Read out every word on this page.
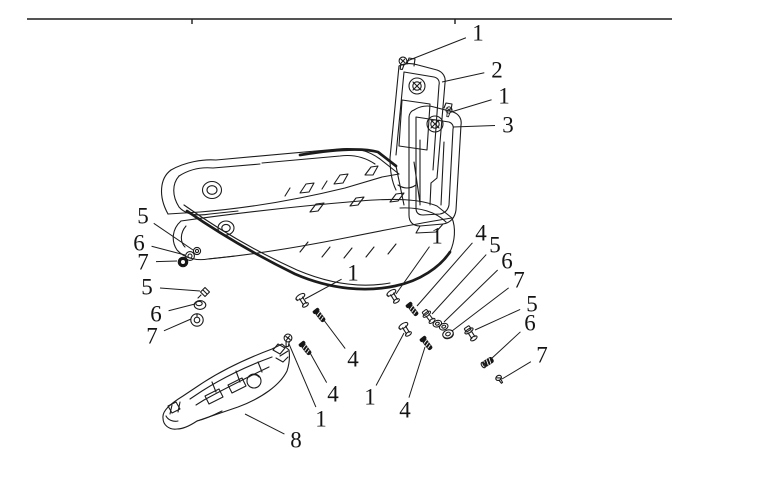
1
2
1
3
5
6
7
5
6
7
1
1 4 5
6
7
5
6
7
4
4 1
4
1
8
